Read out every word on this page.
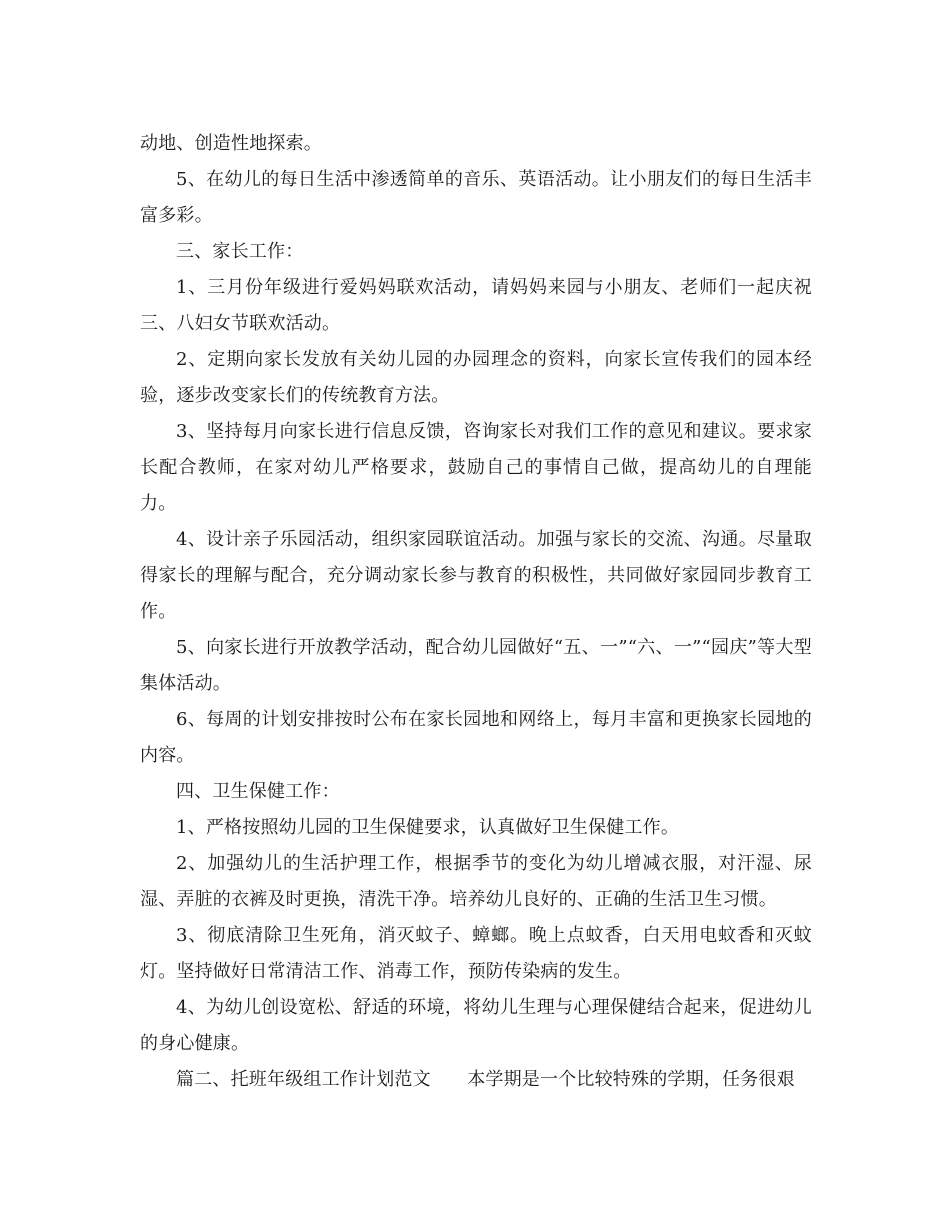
动地、创造性地探索。

5、在幼儿的每日生活中渗透简单的音乐、英语活动。让小朋友们的每日生活丰富多彩。

三、家长工作：

1、三月份年级进行爱妈妈联欢活动，请妈妈来园与小朋友、老师们一起庆祝三、八妇女节联欢活动。

2、定期向家长发放有关幼儿园的办园理念的资料，向家长宣传我们的园本经验，逐步改变家长们的传统教育方法。

3、坚持每月向家长进行信息反馈，咨询家长对我们工作的意见和建议。要求家长配合教师，在家对幼儿严格要求，鼓励自己的事情自己做，提高幼儿的自理能力。

4、设计亲子乐园活动，组织家园联谊活动。加强与家长的交流、沟通。尽量取得家长的理解与配合，充分调动家长参与教育的积极性，共同做好家园同步教育工作。

5、向家长进行开放教学活动，配合幼儿园做好“五、一”“六、一”“园庆”等大型集体活动。

6、每周的计划安排按时公布在家长园地和网络上，每月丰富和更换家长园地的内容。

四、卫生保健工作：

1、严格按照幼儿园的卫生保健要求，认真做好卫生保健工作。

2、加强幼儿的生活护理工作，根据季节的变化为幼儿增减衣服，对汗湿、尿湿、弄脏的衣裤及时更换，清洗干净。培养幼儿良好的、正确的生活卫生习惯。

3、彻底清除卫生死角，消灭蚊子、蟑螂。晚上点蚊香，白天用电蚊香和灭蚊灯。坚持做好日常清洁工作、消毒工作，预防传染病的发生。

4、为幼儿创设宽松、舒适的环境，将幼儿生理与心理保健结合起来，促进幼儿的身心健康。

篇二、托班年级组工作计划范文　　本学期是一个比较特殊的学期，任务很艰
